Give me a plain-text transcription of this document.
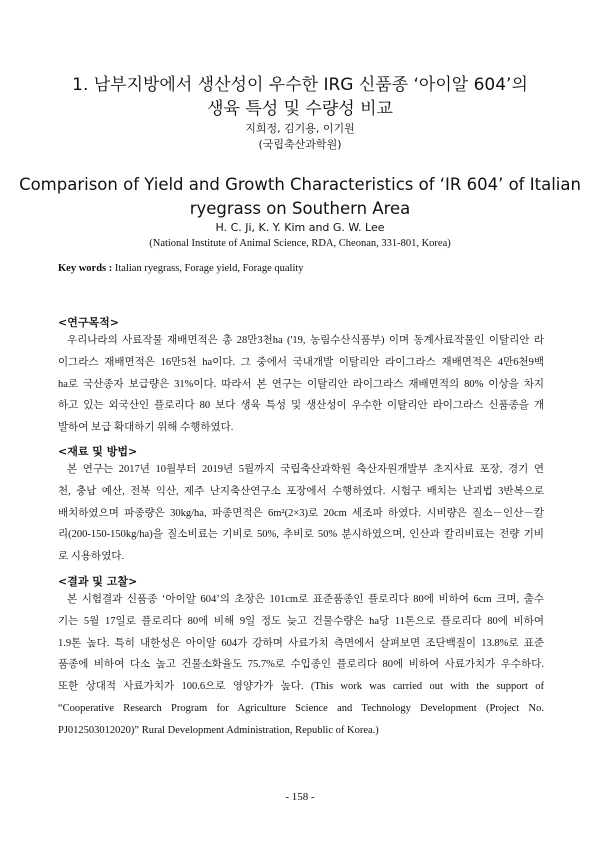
1. 남부지방에서 생산성이 우수한 IRG 신품종 ‘아이알 604’의
생육 특성 및 수량성 비교
지희정, 김기용, 이기원
(국립축산과학원)
Comparison of Yield and Growth Characteristics of ‘IR 604’ of Italian
ryegrass on Southern Area
H. C. Ji, K. Y. Kim and G. W. Lee
(National Institute of Animal Science, RDA, Cheonan, 331-801, Korea)
Key words : Italian ryegrass, Forage yield, Forage quality
<연구목적>
우리나라의 사료작물 재배면적은 총 28만3천ha ('19, 농림수산식품부) 이며 동계사료작물인 이탈리안 라
이그라스 재배면적은 16만5천 ha이다. 그 중에서 국내개발 이탈리안 라이그라스 재배면적은 4만6천9백
ha로 국산종자 보급량은 31%이다. 따라서 본 연구는 이탈리안 라이그라스 재배면적의 80% 이상을 차지
하고 있는 외국산인 플로리다 80 보다 생육 특성 및 생산성이 우수한 이탈리안 라이그라스 신품종을 개
발하여 보급 확대하기 위해 수행하였다.
<재료 및 방법>
본 연구는 2017년 10월부터 2019년 5월까지 국립축산과학원 축산자원개발부 초지사료 포장, 경기 연
천, 충남 예산, 전북 익산, 제주 난지축산연구소 포장에서 수행하였다. 시험구 배치는 난괴법 3반복으로
배치하였으며 파종량은 30kg/ha, 파종면적은 6m²(2×3)로 20cm 세조파 하였다. 시비량은 질소－인산－칼
리(200-150-150kg/ha)을 질소비료는 기비로 50%, 추비로 50% 분시하였으며, 인산과 칼리비료는 전량 기비
로 시용하였다.
<결과 및 고찰>
본 시험결과 신품종 ‘아이알 604’의 초장은 101cm로 표준품종인 플로리다 80에 비하여 6cm 크며, 출수
기는 5월 17일로 플로리다 80에 비해 9일 정도 늦고 건물수량은 ha당 11톤으로 플로리다 80에 비하여
1.9톤 높다. 특히 내한성은 아이알 604가 강하며 사료가치 측면에서 살펴보면 조단백질이 13.8%로 표준
품종에 비하여 다소 높고 건물소화율도 75.7%로 수입종인 플로리다 80에 비하여 사료가치가 우수하다.
또한 상대적 사료가치가 100.6으로 영양가가 높다. (This work was carried out with the support of
“Cooperative Research Program for Agriculture Science and Technology Development (Project No.
PJ012503012020)” Rural Development Administration, Republic of Korea.)
- 158 -
